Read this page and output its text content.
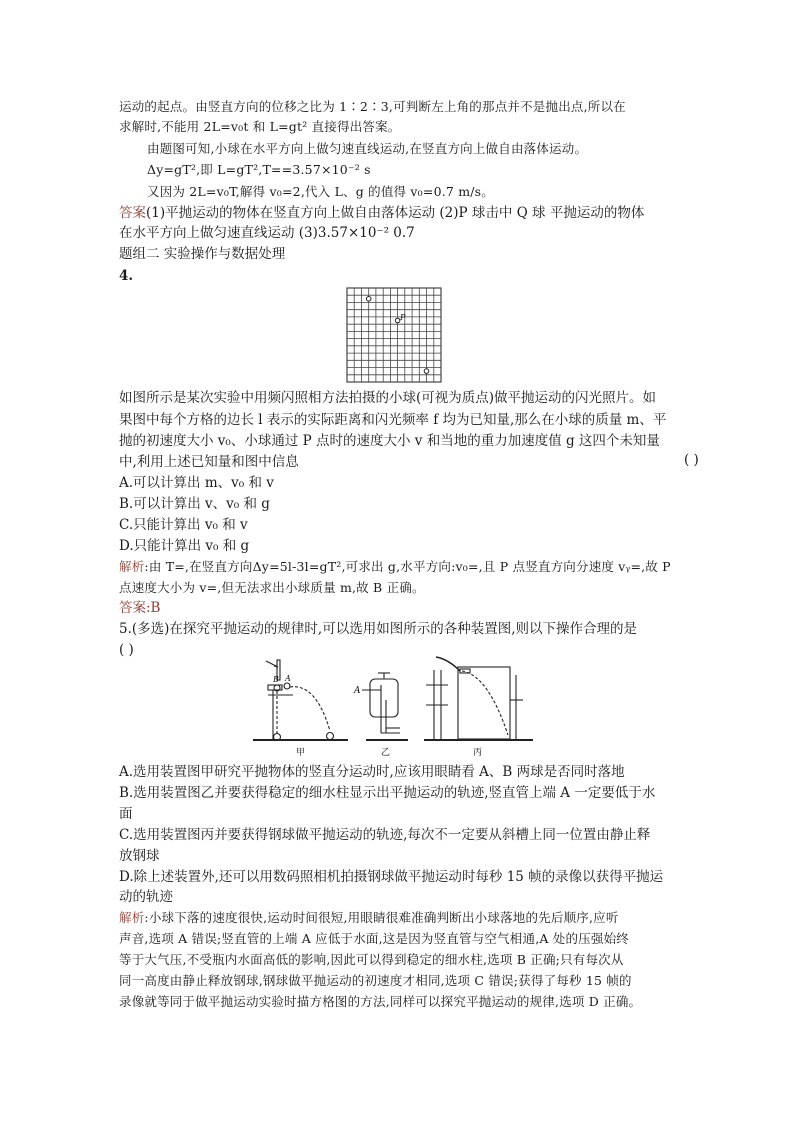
运动的起点。由竖直方向的位移之比为 1∶2∶3,可判断左上角的那点并不是抛出点,所以在
求解时,不能用 2L=v₀t 和 L=gt² 直接得出答案。
由题图可知,小球在水平方向上做匀速直线运动,在竖直方向上做自由落体运动。
Δy=gT²,即 L=gT²,T==3.57×10⁻² s
又因为 2L=v₀T,解得 v₀=2,代入 L、g 的值得 v₀=0.7 m/s。
答案(1)平抛运动的物体在竖直方向上做自由落体运动 (2)P 球击中 Q 球 平抛运动的物体
在水平方向上做匀速直线运动 (3)3.57×10⁻² 0.7
题组二 实验操作与数据处理
4.
P
如图所示是某次实验中用频闪照相方法拍摄的小球(可视为质点)做平抛运动的闪光照片。如
果图中每个方格的边长 l 表示的实际距离和闪光频率 f 均为已知量,那么在小球的质量 m、平
抛的初速度大小 v₀、小球通过 P 点时的速度大小 v 和当地的重力加速度值 g 这四个未知量
中,利用上述已知量和图中信息	( )
A.可以计算出 m、v₀ 和 v
B.可以计算出 v、v₀ 和 g
C.只能计算出 v₀ 和 v
D.只能计算出 v₀ 和 g
解析:由 T=,在竖直方向Δy=5l-3l=gT²,可求出 g,水平方向:v₀=,且 P 点竖直方向分速度 vᵧ=,故 P
点速度大小为 v=,但无法求出小球质量 m,故 B 正确。
答案:B
5.(多选)在探究平抛运动的规律时,可以选用如图所示的各种装置图,则以下操作合理的是
( )
B A
A
甲	乙	丙
A.选用装置图甲研究平抛物体的竖直分运动时,应该用眼睛看 A、B 两球是否同时落地
B.选用装置图乙并要获得稳定的细水柱显示出平抛运动的轨迹,竖直管上端 A 一定要低于水
面
C.选用装置图丙并要获得钢球做平抛运动的轨迹,每次不一定要从斜槽上同一位置由静止释
放钢球
D.除上述装置外,还可以用数码照相机拍摄钢球做平抛运动时每秒 15 帧的录像以获得平抛运
动的轨迹
解析:小球下落的速度很快,运动时间很短,用眼睛很难准确判断出小球落地的先后顺序,应听
声音,选项 A 错误;竖直管的上端 A 应低于水面,这是因为竖直管与空气相通,A 处的压强始终
等于大气压,不受瓶内水面高低的影响,因此可以得到稳定的细水柱,选项 B 正确;只有每次从
同一高度由静止释放钢球,钢球做平抛运动的初速度才相同,选项 C 错误;获得了每秒 15 帧的
录像就等同于做平抛运动实验时描方格图的方法,同样可以探究平抛运动的规律,选项 D 正确。
